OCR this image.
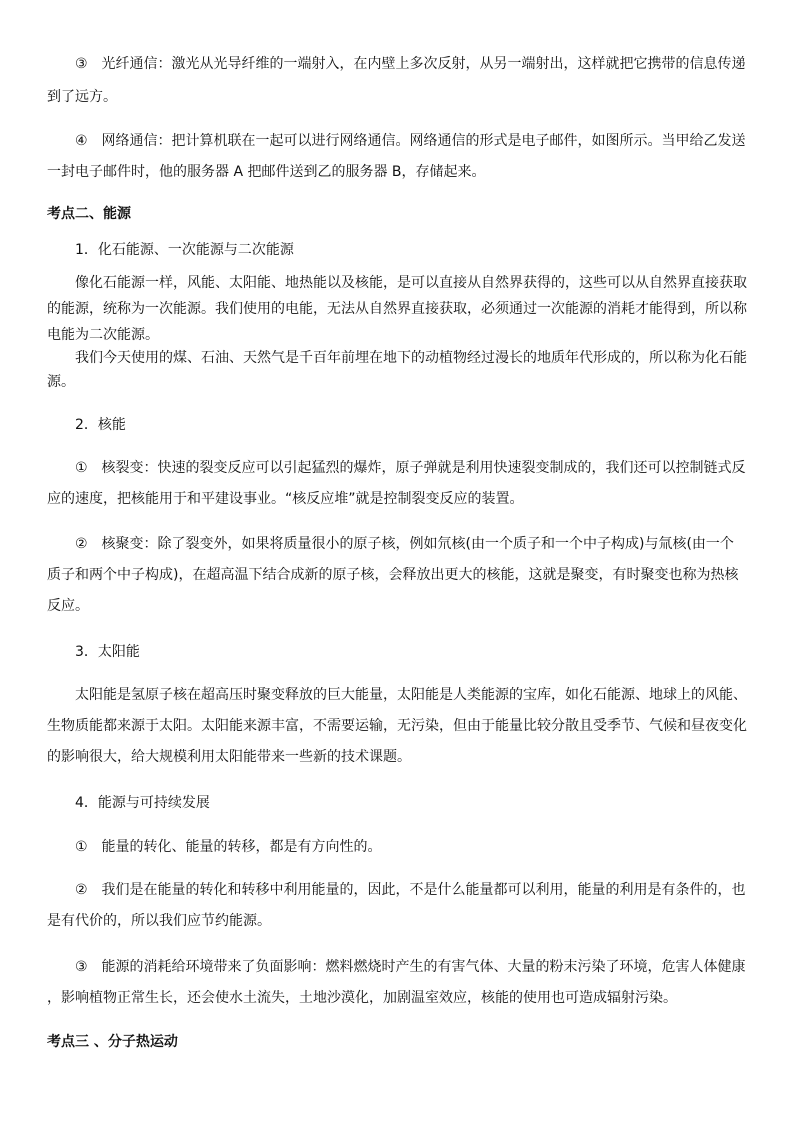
③　光纤通信：激光从光导纤维的一端射入，在内壁上多次反射，从另一端射出，这样就把它携带的信息传递
到了远方。
④　网络通信：把计算机联在一起可以进行网络通信。网络通信的形式是电子邮件，如图所示。当甲给乙发送
一封电子邮件时，他的服务器 A 把邮件送到乙的服务器 B，存储起来。
考点二、能源
1．化石能源、一次能源与二次能源
像化石能源一样，风能、太阳能、地热能以及核能，是可以直接从自然界获得的，这些可以从自然界直接获取
的能源，统称为一次能源。我们使用的电能，无法从自然界直接获取，必须通过一次能源的消耗才能得到，所以称
电能为二次能源。
我们今天使用的煤、石油、天然气是千百年前埋在地下的动植物经过漫长的地质年代形成的，所以称为化石能
源。
2．核能
①　核裂变：快速的裂变反应可以引起猛烈的爆炸，原子弹就是利用快速裂变制成的，我们还可以控制链式反
应的速度，把核能用于和平建设事业。“核反应堆”就是控制裂变反应的装置。
②　核聚变：除了裂变外，如果将质量很小的原子核，例如氘核(由一个质子和一个中子构成)与氚核(由一个
质子和两个中子构成)，在超高温下结合成新的原子核，会释放出更大的核能，这就是聚变，有时聚变也称为热核
反应。
3．太阳能
太阳能是氢原子核在超高压时聚变释放的巨大能量，太阳能是人类能源的宝库，如化石能源、地球上的风能、
生物质能都来源于太阳。太阳能来源丰富，不需要运输，无污染，但由于能量比较分散且受季节、气候和昼夜变化
的影响很大，给大规模利用太阳能带来一些新的技术课题。
4．能源与可持续发展
①　能量的转化、能量的转移，都是有方向性的。
②　我们是在能量的转化和转移中利用能量的，因此，不是什么能量都可以利用，能量的利用是有条件的，也
是有代价的，所以我们应节约能源。
③　能源的消耗给环境带来了负面影响：燃料燃烧时产生的有害气体、大量的粉末污染了环境，危害人体健康
，影响植物正常生长，还会使水土流失，土地沙漠化，加剧温室效应，核能的使用也可造成辐射污染。
考点三 、分子热运动
